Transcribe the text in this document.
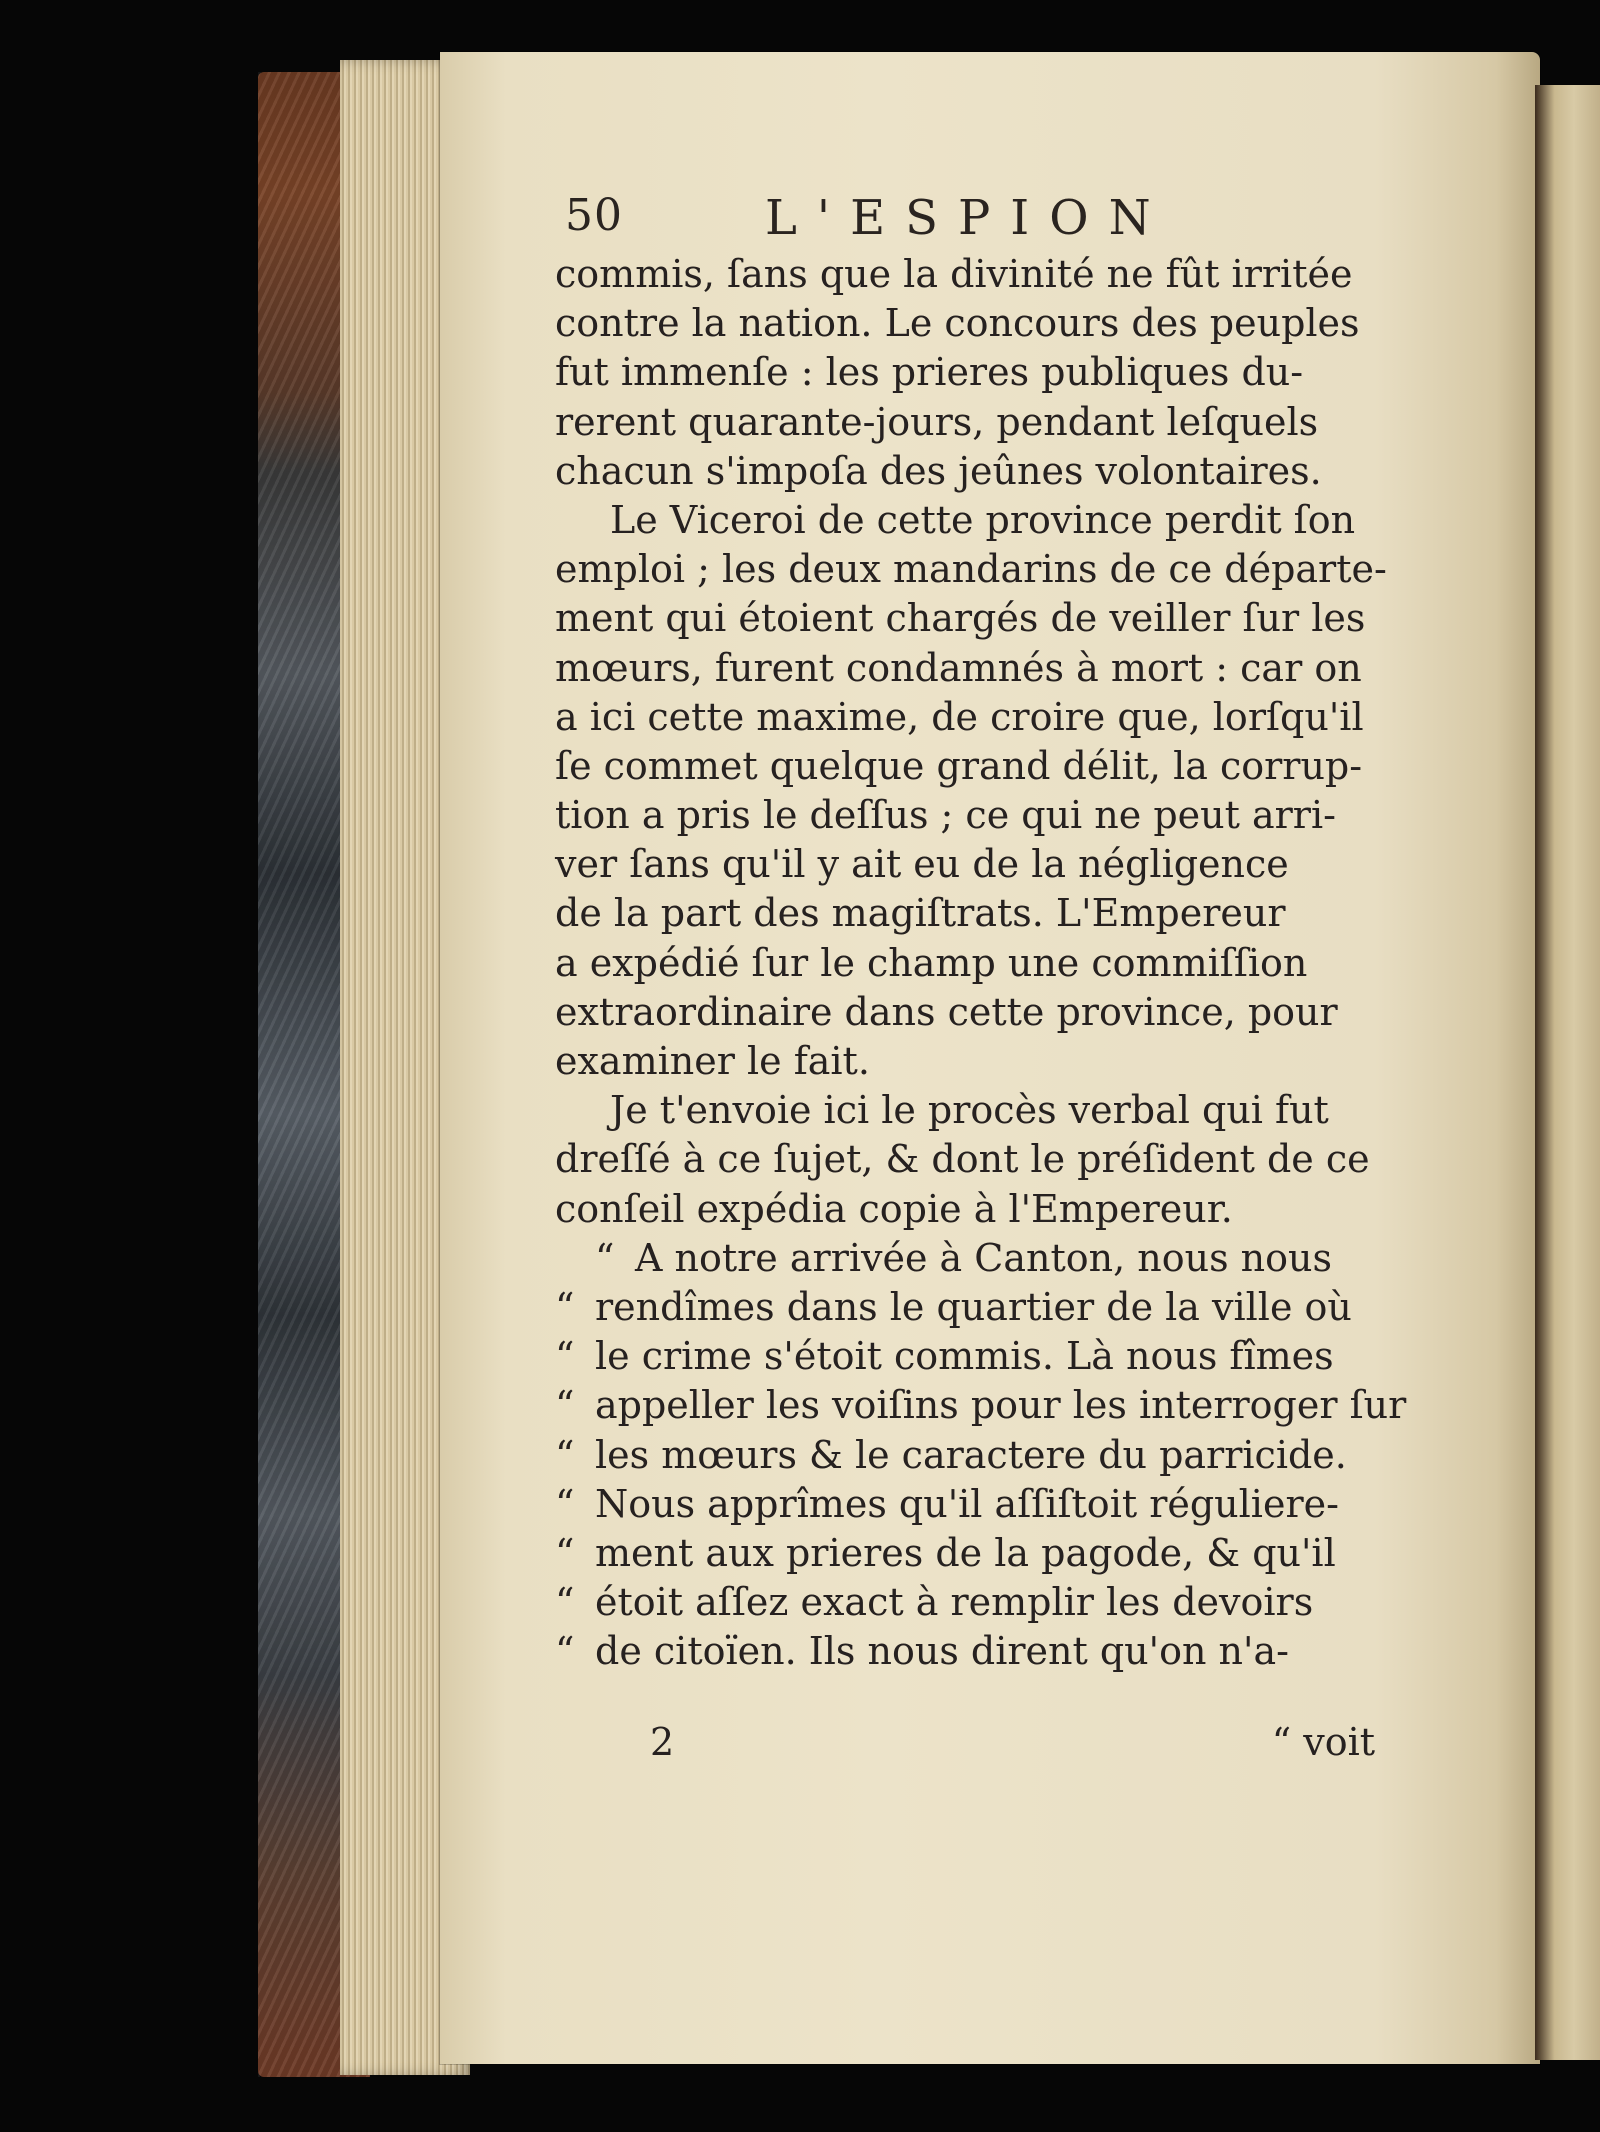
50	L'ESPION
commis, ſans que la divinité ne fût irritée
contre la nation. Le concours des peuples
fut immenſe : les prieres publiques du-
rerent quarante-jours, pendant leſquels
chacun s'impoſa des jeûnes volontaires.
Le Viceroi de cette province perdit ſon
emploi ; les deux mandarins de ce départe-
ment qui étoient chargés de veiller ſur les
mœurs, furent condamnés à mort : car on
a ici cette maxime, de croire que, lorſqu'il
ſe commet quelque grand délit, la corrup-
tion a pris le deſſus ; ce qui ne peut arri-
ver ſans qu'il y ait eu de la négligence
de la part des magiſtrats. L'Empereur
a expédié ſur le champ une commiſſion
extraordinaire dans cette province, pour
examiner le fait.
Je t'envoie ici le procès verbal qui fut
dreſſé à ce ſujet, & dont le préſident de ce
conſeil expédia copie à l'Empereur.
“ A notre arrivée à Canton, nous nous
“ rendîmes dans le quartier de la ville où
“ le crime s'étoit commis. Là nous fîmes
“ appeller les voiſins pour les interroger ſur
“ les mœurs & le caractere du parricide.
“ Nous apprîmes qu'il aſſiſtoit réguliere-
“ ment aux prieres de la pagode, & qu'il
“ étoit aſſez exact à remplir les devoirs
“ de citoïen. Ils nous dirent qu'on n'a-
2	“ voit
